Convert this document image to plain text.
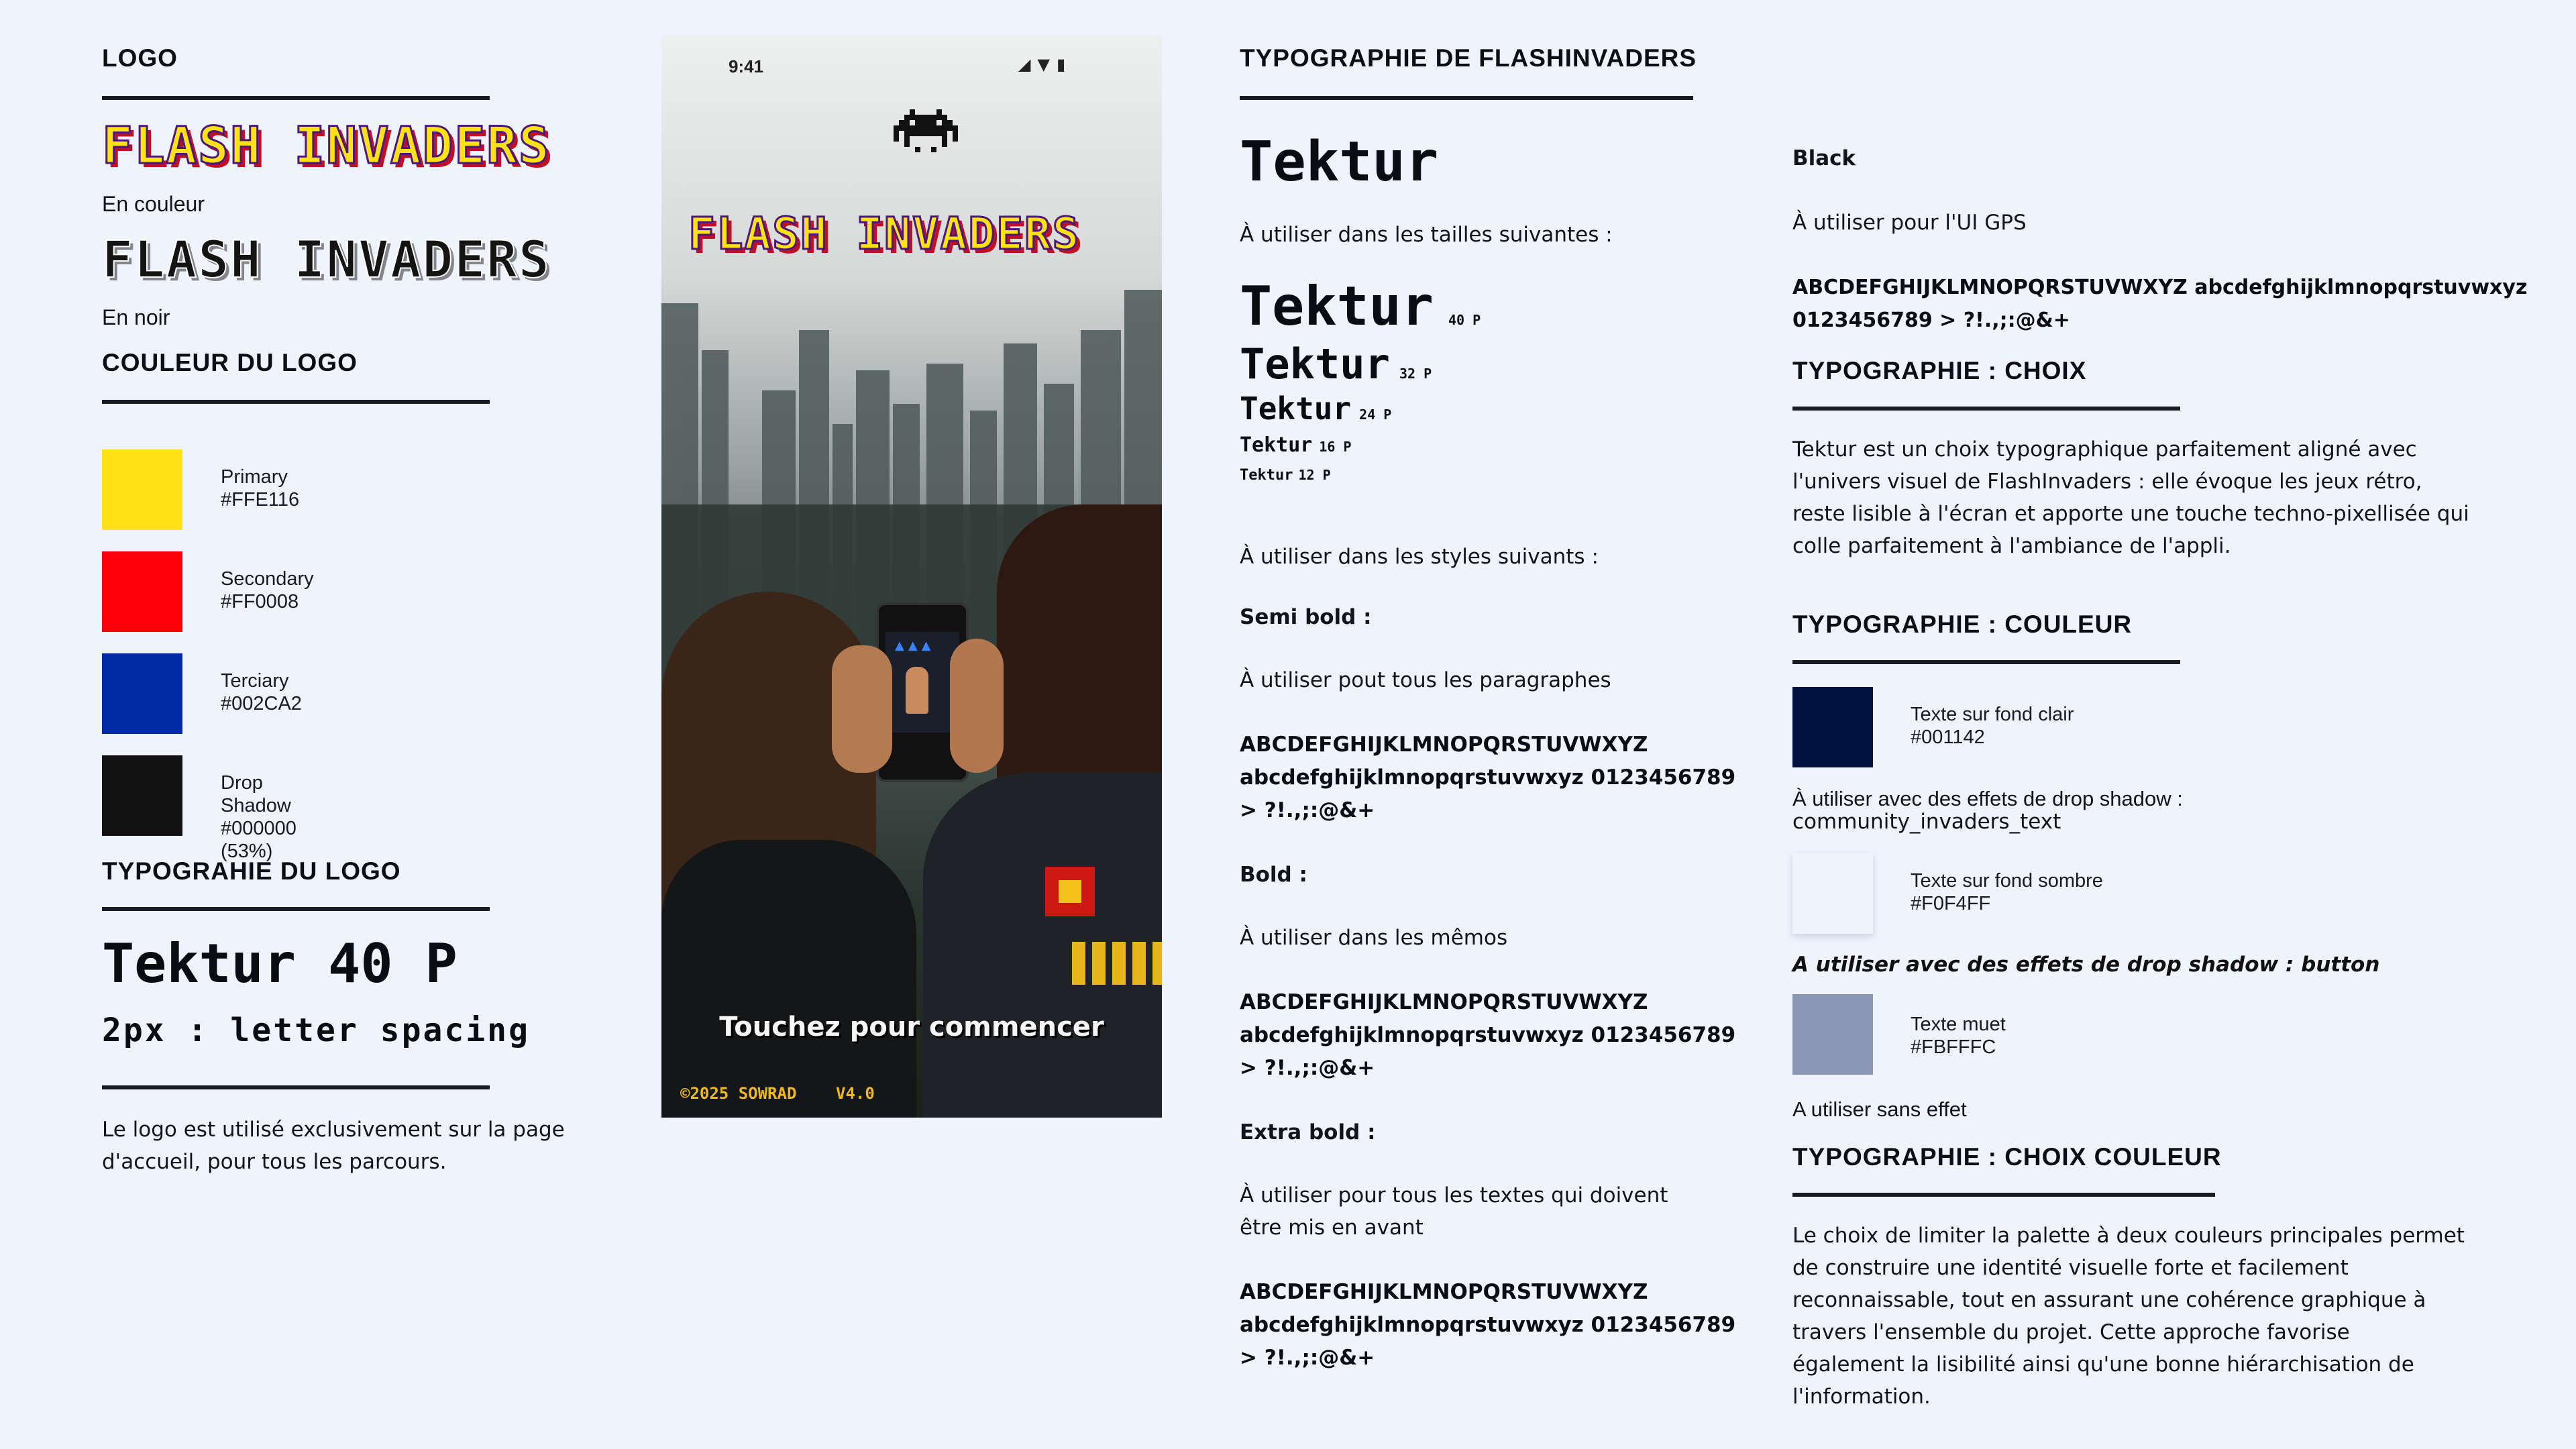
LOGO
FLASH INVADERS
En couleur
FLASH INVADERS
En noir
COULEUR DU LOGO
Primary
#FFE116
Secondary
#FF0008
Terciary
#002CA2
Drop Shadow
#000000 (53%)
TYPOGRAHIE DU LOGO
Tektur 40 P
2px : letter spacing
Le logo est utilisé exclusivement sur la page
d'accueil, pour tous les parcours.
9:41	◢▼▮
FLASH INVADERS
▲▲▲
Touchez pour commencer
©2025 SOWRAD V4.0
TYPOGRAPHIE DE FLASHINVADERS
Tektur
À utiliser dans les tailles suivantes :
Tektur 40 P
Tektur 32 P
Tektur 24 P
Tektur 16 P
Tektur 12 P
À utiliser dans les styles suivants :
Semi bold :
À utiliser pout tous les paragraphes
ABCDEFGHIJKLMNOPQRSTUVWXYZ
abcdefghijklmnopqrstuvwxyz 0123456789
> ?!.,;:@&+
Bold :
À utiliser dans les mêmos
ABCDEFGHIJKLMNOPQRSTUVWXYZ
abcdefghijklmnopqrstuvwxyz 0123456789
> ?!.,;:@&+
Extra bold :
À utiliser pour tous les textes qui doivent
être mis en avant
ABCDEFGHIJKLMNOPQRSTUVWXYZ
abcdefghijklmnopqrstuvwxyz 0123456789
> ?!.,;:@&+
Black
À utiliser pour l'UI GPS
ABCDEFGHIJKLMNOPQRSTUVWXYZ abcdefghijklmnopqrstuvwxyz
0123456789 > ?!.,;:@&+
TYPOGRAPHIE : CHOIX
Tektur est un choix typographique parfaitement aligné avec
l'univers visuel de FlashInvaders : elle évoque les jeux rétro,
reste lisible à l'écran et apporte une touche techno-pixellisée qui
colle parfaitement à l'ambiance de l'appli.
TYPOGRAPHIE : COULEUR
Texte sur fond clair
#001142
À utiliser avec des effets de drop shadow :
community_invaders_text
Texte sur fond sombre
#F0F4FF
A utiliser avec des effets de drop shadow : button
Texte muet
#FBFFFC
A utiliser sans effet
TYPOGRAPHIE : CHOIX COULEUR
Le choix de limiter la palette à deux couleurs principales permet
de construire une identité visuelle forte et facilement
reconnaissable, tout en assurant une cohérence graphique à
travers l'ensemble du projet. Cette approche favorise
également la lisibilité ainsi qu'une bonne hiérarchisation de
l'information.
